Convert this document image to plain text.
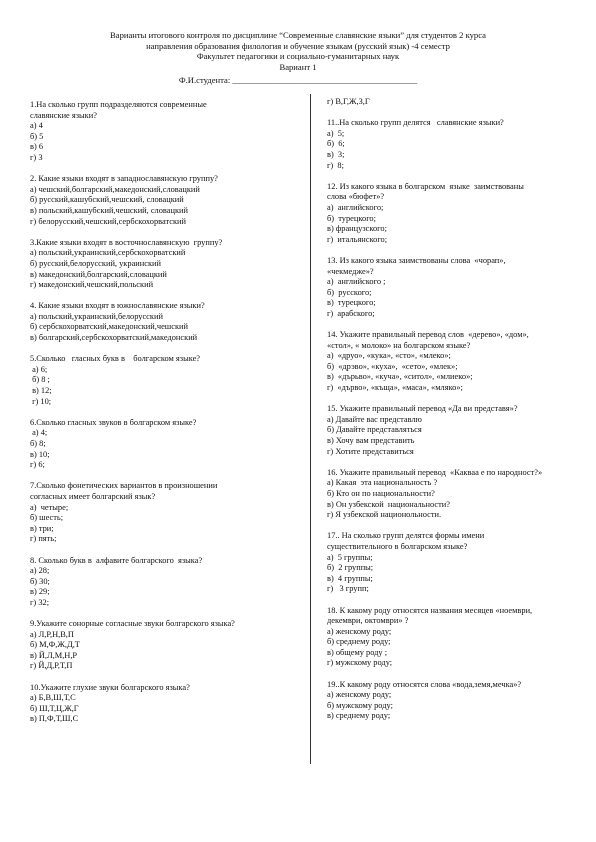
Варианты итогового контроля по дисциплине “Современные славянские языки” для студентов 2 курса
направления образования филология и обучение языкам (русский язык) -4 семестр
Факультет педагогики и социально-гуманитарных наук
Вариант 1
Ф.И.студента: ___________________________________________
1.На сколько групп подразделяются современные
славянские языки?
а) 4
б) 5
в) 6
г) 3
2. Какие языки входят в западнославянскую группу?
а) чешский,болгарский,македонский,словацкий
б) русский,кашубский,чешский, словацкий
в) польский,кашубский,чешский, словацкий
г) белорусский,чешский,сербскохорватский
3.Какие языки входят в восточнославянскую  группу?
а) польский,украинский,сербскохорватский
б) русский,белорусский, украинский
в) македонский,болгарский,словацкий
г) македонский,чешский,польский
4. Какие языки входят в южнославянские языки?
а) польский,украинский,белорусский
б) сербскохорватский,македонский,чешский
в) болгарский,сербскохорватский,македонский
5.Сколько   гласных букв в    болгарском языке?
а) 6;
б) 8 ;
в) 12;
г) 10;
6.Сколько гласных звуков в болгарском языке?
а) 4;
б) 8;
в) 10;
г) 6;
7.Сколько фонетических вариантов в произношении
согласных имеет болгарский язык?
а)  четыре;
б) шесть;
в) три;
г) пять;
8. Сколько букв в  алфавите болгарского  языка?
а) 28;
б) 30;
в) 29;
г) 32;
9.Укажите сонорные согласные звуки болгарского языка?
а) Л,Р,Н,В,П
б) М,Ф,Ж,Д,Т
в) Й,Л,М,Н,Р
г) Й,Д,Р,Т,П
10.Укажите глухие звуки болгарского языка?
а) Б,В,Ш,Т,С
б) Ш,Т,Ц,Ж,Г
в) П,Ф,Т,Ш,С
г) В,Г,Ж,З,Г
11..На сколько групп делятся   славянские языки?
а)  5;
б)  6;
в)  3;
г)  8;
12. Из какого языка в болгарском  языке  заимствованы
слова «бюфет»?
а)  английского;
б)  турецкого;
в) французского;
г)  итальянского;
13. Из какого языка заимствованы слова  «чорап»,
«чекмедже»?
а)  английского ;
б)  русского;
в)  турецкого;
г)  арабского;
14. Укажите правильный перевод слов  «дерево», «дом»,
«стол», « молоко» на болгарском языке?
а)  «друо», «кука», «сто», «млеко»;
б)  «дрэво», «куха»,  «сето», «млек»;
в)  «дърьво», «куча», «ситол», «млиеко»;
г)  «дърво», «къща», «маса», «мляко»;
15. Укажите правильный перевод «Да ви представя»?
а) Давайте вас представлю
б) Давайте представляться
в) Хочу вам представить
г) Хотите представиться
16. Укажите правильный перевод  «Какваа е по народност?»
а) Какая  эта национальность ?
б) Кто он по национальности?
в) Он узбекской  национальности?
г) Я узбекской национольности.
17.. На сколько групп делятся формы имени
существительного в болгарском языке?
а)  5 группы;
б)  2 группы;
в)  4 группы;
г)   3 групп;
18. К какому роду относятся названия месяцев «ноември,
декември, октомври» ?
а) женскому роду;
б) среднему роду;
в) общему роду ;
г) мужскому роду;
19..К какому роду относятся слова «вода,земя,мечка»?
а) женскому роду;
б) мужскому роду;
в) среднему роду;
